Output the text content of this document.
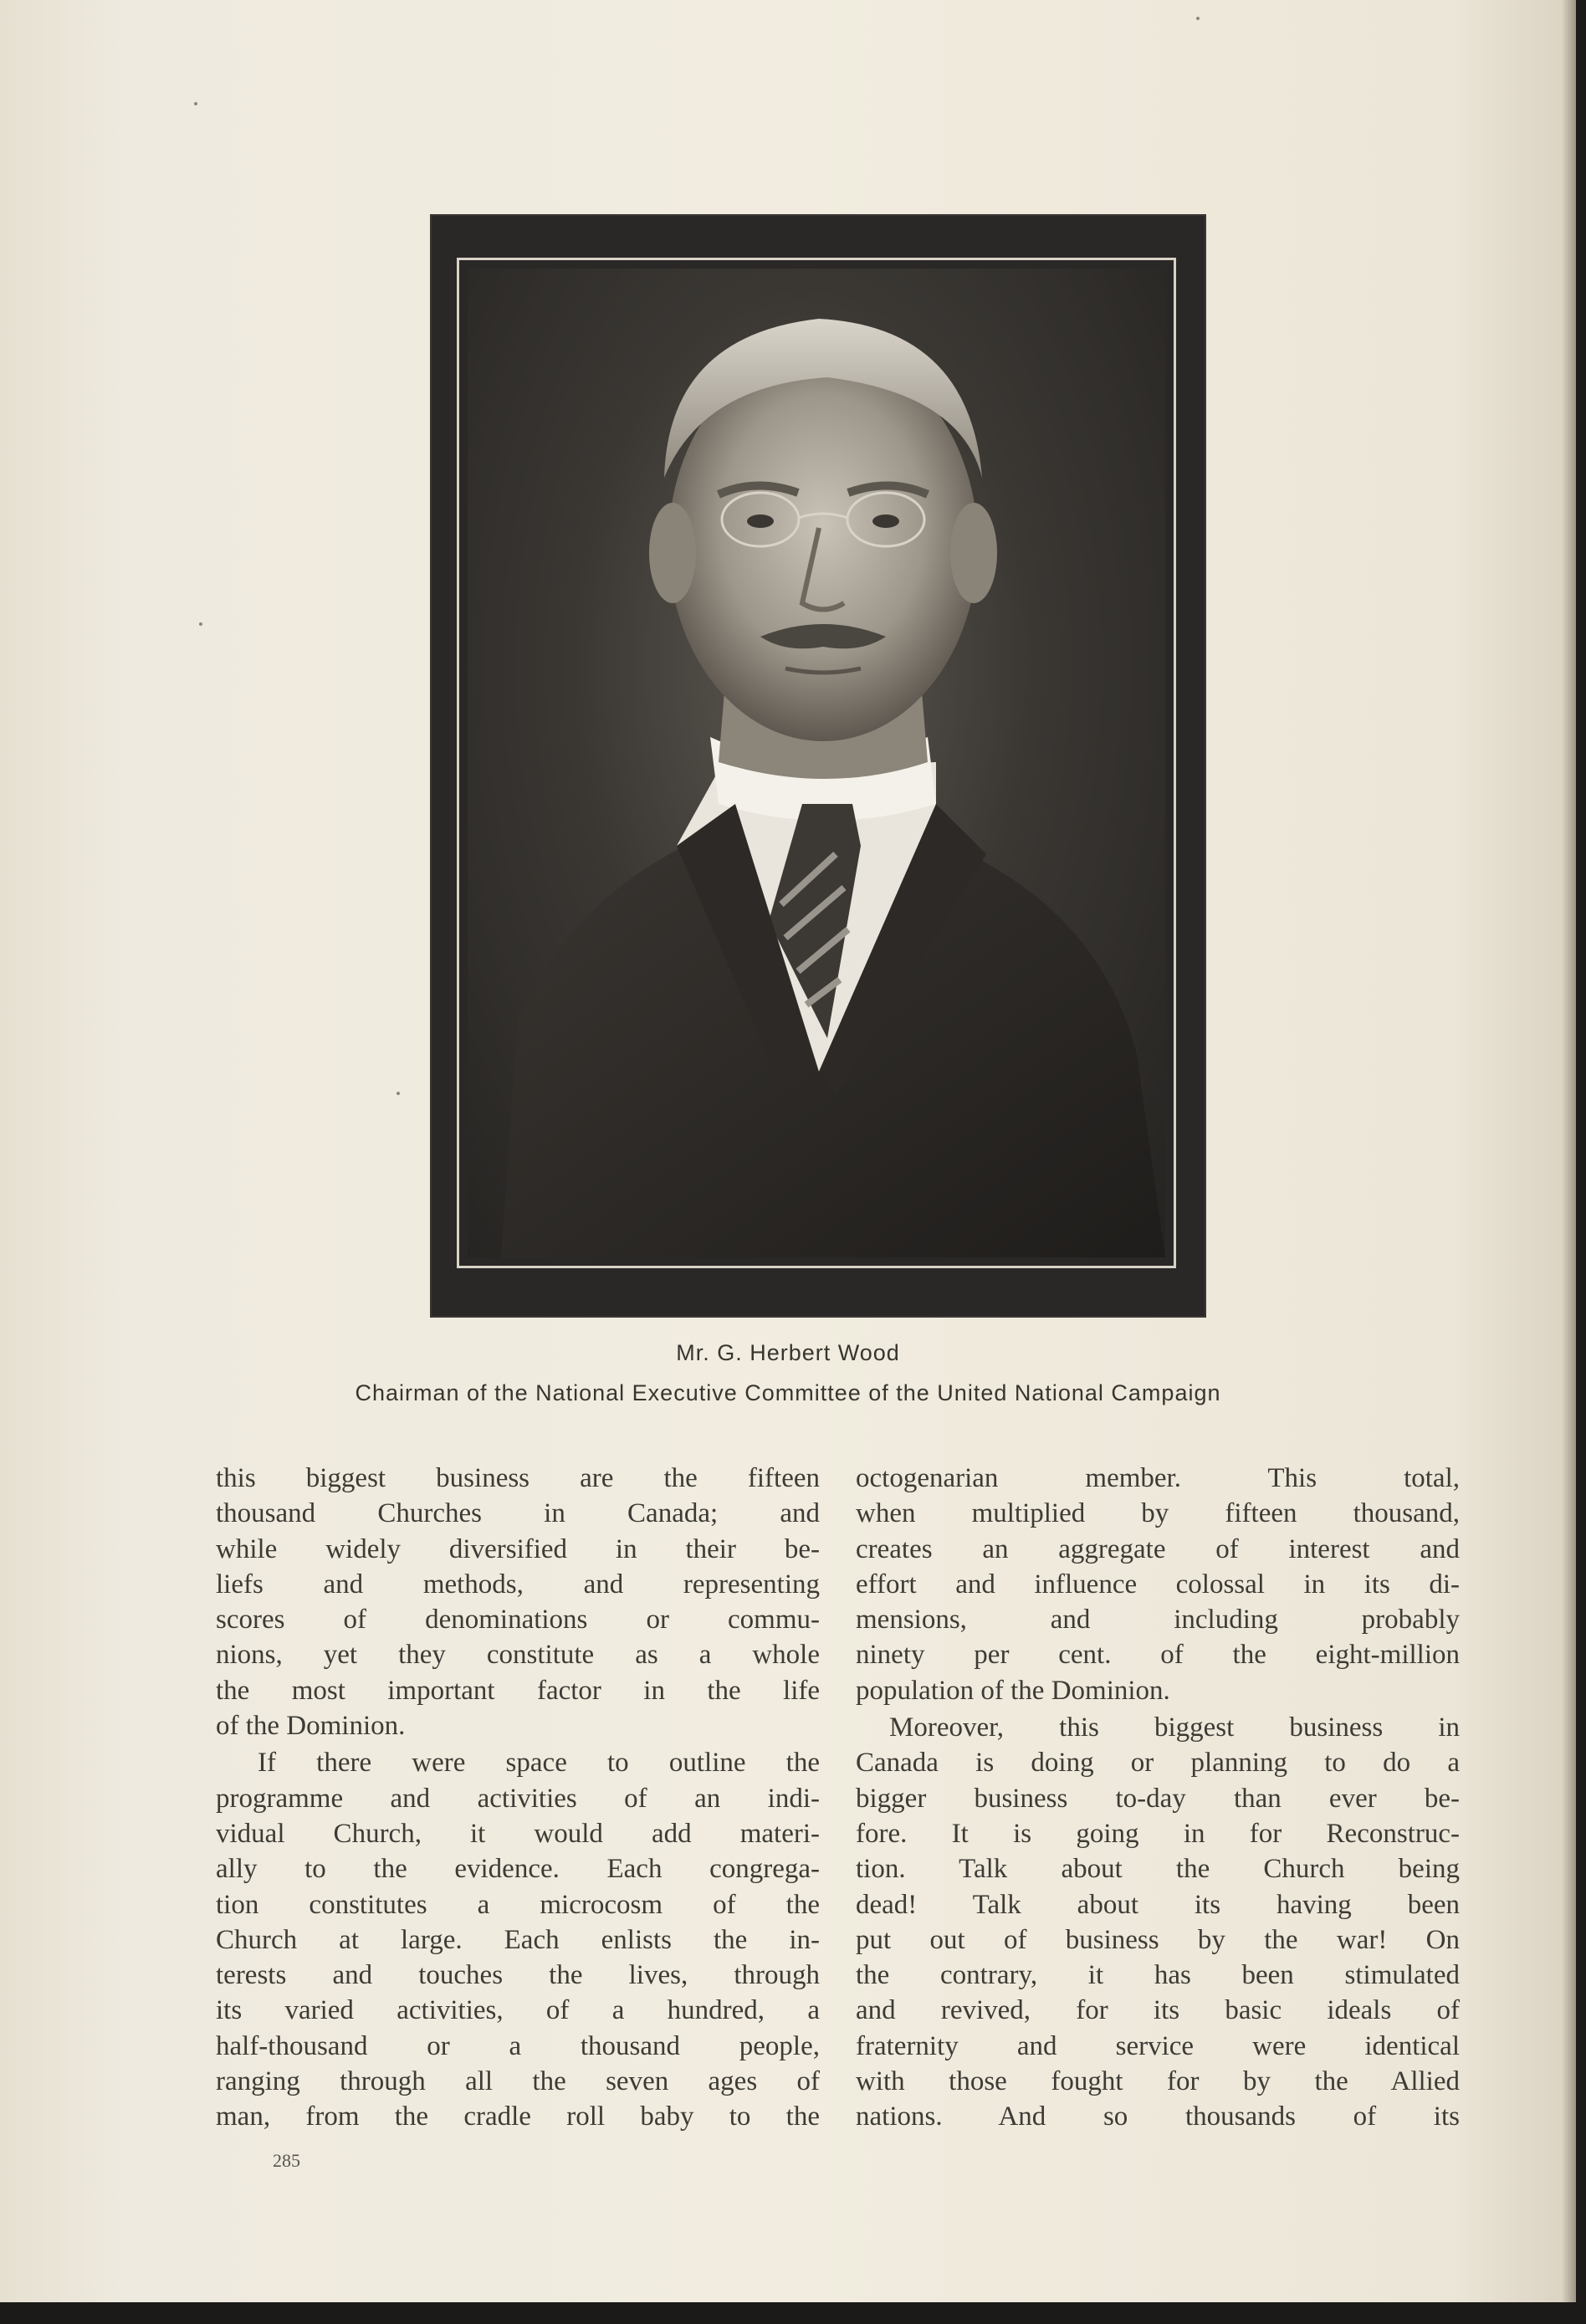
Mr. G. Herbert Wood
Chairman of the National Executive Committee of the United National Campaign

this biggest business are the fifteen
thousand Churches in Canada; and
while widely diversified in their be-
liefs and methods, and representing
scores of denominations or commu-
nions, yet they constitute as a whole
the most important factor in the life
of the Dominion.

If there were space to outline the
programme and activities of an indi-
vidual Church, it would add materi-
ally to the evidence. Each congrega-
tion constitutes a microcosm of the
Church at large. Each enlists the in-
terests and touches the lives, through
its varied activities, of a hundred, a
half-thousand or a thousand people,
ranging through all the seven ages of
man, from the cradle roll baby to the

octogenarian member. This total,
when multiplied by fifteen thousand,
creates an aggregate of interest and
effort and influence colossal in its di-
mensions, and including probably
ninety per cent. of the eight-million
population of the Dominion.

Moreover, this biggest business in
Canada is doing or planning to do a
bigger business to-day than ever be-
fore. It is going in for Reconstruc-
tion. Talk about the Church being
dead! Talk about its having been
put out of business by the war! On
the contrary, it has been stimulated
and revived, for its basic ideals of
fraternity and service were identical
with those fought for by the Allied
nations. And so thousands of its

285
